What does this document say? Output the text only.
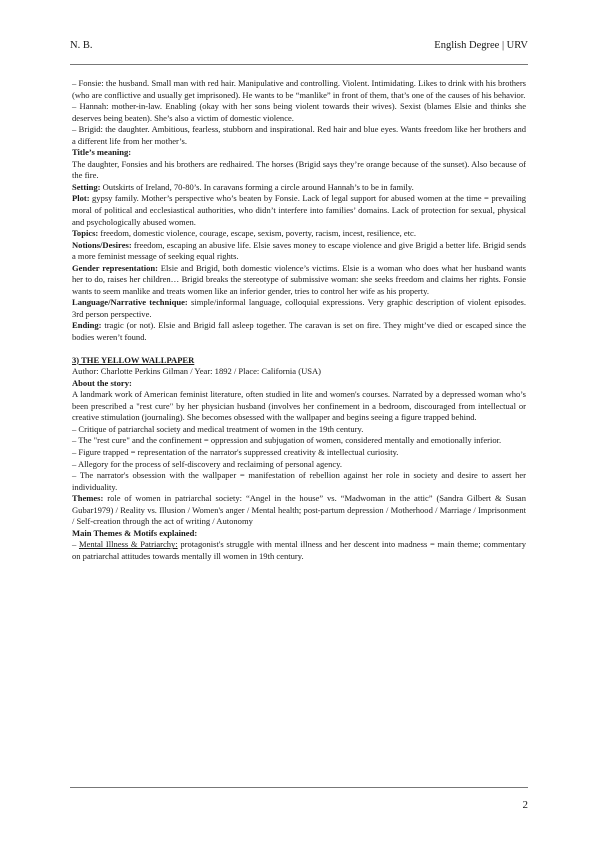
N. B.	English Degree | URV

– Fonsie: the husband. Small man with red hair. Manipulative and controlling. Violent. Intimidating. Likes to drink with his brothers (who are conflictive and usually get imprisoned). He wants to be “manlike” in front of them, that’s one of the causes of his behavior.

– Hannah: mother-in-law. Enabling (okay with her sons being violent towards their wives). Sexist (blames Elsie and thinks she deserves being beaten). She’s also a victim of domestic violence.

– Brigid: the daughter. Ambitious, fearless, stubborn and inspirational. Red hair and blue eyes. Wants freedom like her brothers and a different life from her mother’s.

Title’s meaning:

The daughter, Fonsies and his brothers are redhaired. The horses (Brigid says they’re orange because of the sunset). Also because of the fire.

Setting: Outskirts of Ireland, 70-80’s. In caravans forming a circle around Hannah’s to be in family.

Plot: gypsy family. Mother’s perspective who’s beaten by Fonsie. Lack of legal support for abused women at the time = prevailing moral of political and ecclesiastical authorities, who didn’t interfere into families’ domains. Lack of protection for sexual, physical and psychologically abused women.

Topics: freedom, domestic violence, courage, escape, sexism, poverty, racism, incest, resilience, etc.

Notions/Desires: freedom, escaping an abusive life. Elsie saves money to escape violence and give Brigid a better life. Brigid sends a more feminist message of seeking equal rights.

Gender representation: Elsie and Brigid, both domestic violence’s victims. Elsie is a woman who does what her husband wants her to do, raises her children… Brigid breaks the stereotype of submissive woman: she seeks freedom and claims her rights. Fonsie wants to seem manlike and treats women like an inferior gender, tries to control her wife as his property.

Language/Narrative technique: simple/informal language, colloquial expressions. Very graphic description of violent episodes. 3rd person perspective.

Ending: tragic (or not). Elsie and Brigid fall asleep together. The caravan is set on fire. They might’ve died or escaped since the bodies weren’t found.

3) THE YELLOW WALLPAPER

Author: Charlotte Perkins Gilman / Year: 1892 / Place: California (USA)

About the story:

A landmark work of American feminist literature, often studied in lite and women's courses. Narrated by a depressed woman who’s been prescribed a "rest cure" by her physician husband (involves her confinement in a bedroom, discouraged from intellectual or creative stimulation (journaling). She becomes obsessed with the wallpaper and begins seeing a figure trapped behind.

– Critique of patriarchal society and medical treatment of women in the 19th century.

– The "rest cure" and the confinement = oppression and subjugation of women, considered mentally and emotionally inferior.

– Figure trapped = representation of the narrator's suppressed creativity & intellectual curiosity.

– Allegory for the process of self-discovery and reclaiming of personal agency.

– The narrator's obsession with the wallpaper = manifestation of rebellion against her role in society and desire to assert her individuality.

Themes: role of women in patriarchal society: “Angel in the house” vs. “Madwoman in the attic” (Sandra Gilbert & Susan Gubar1979) / Reality vs. Illusion / Women's anger / Mental health; post-partum depression / Motherhood / Marriage / Imprisonment / Self-creation through the act of writing / Autonomy

Main Themes & Motifs explained:

– Mental Illness & Patriarchy: protagonist's struggle with mental illness and her descent into madness = main theme; commentary on patriarchal attitudes towards mentally ill women in 19th century.

2
